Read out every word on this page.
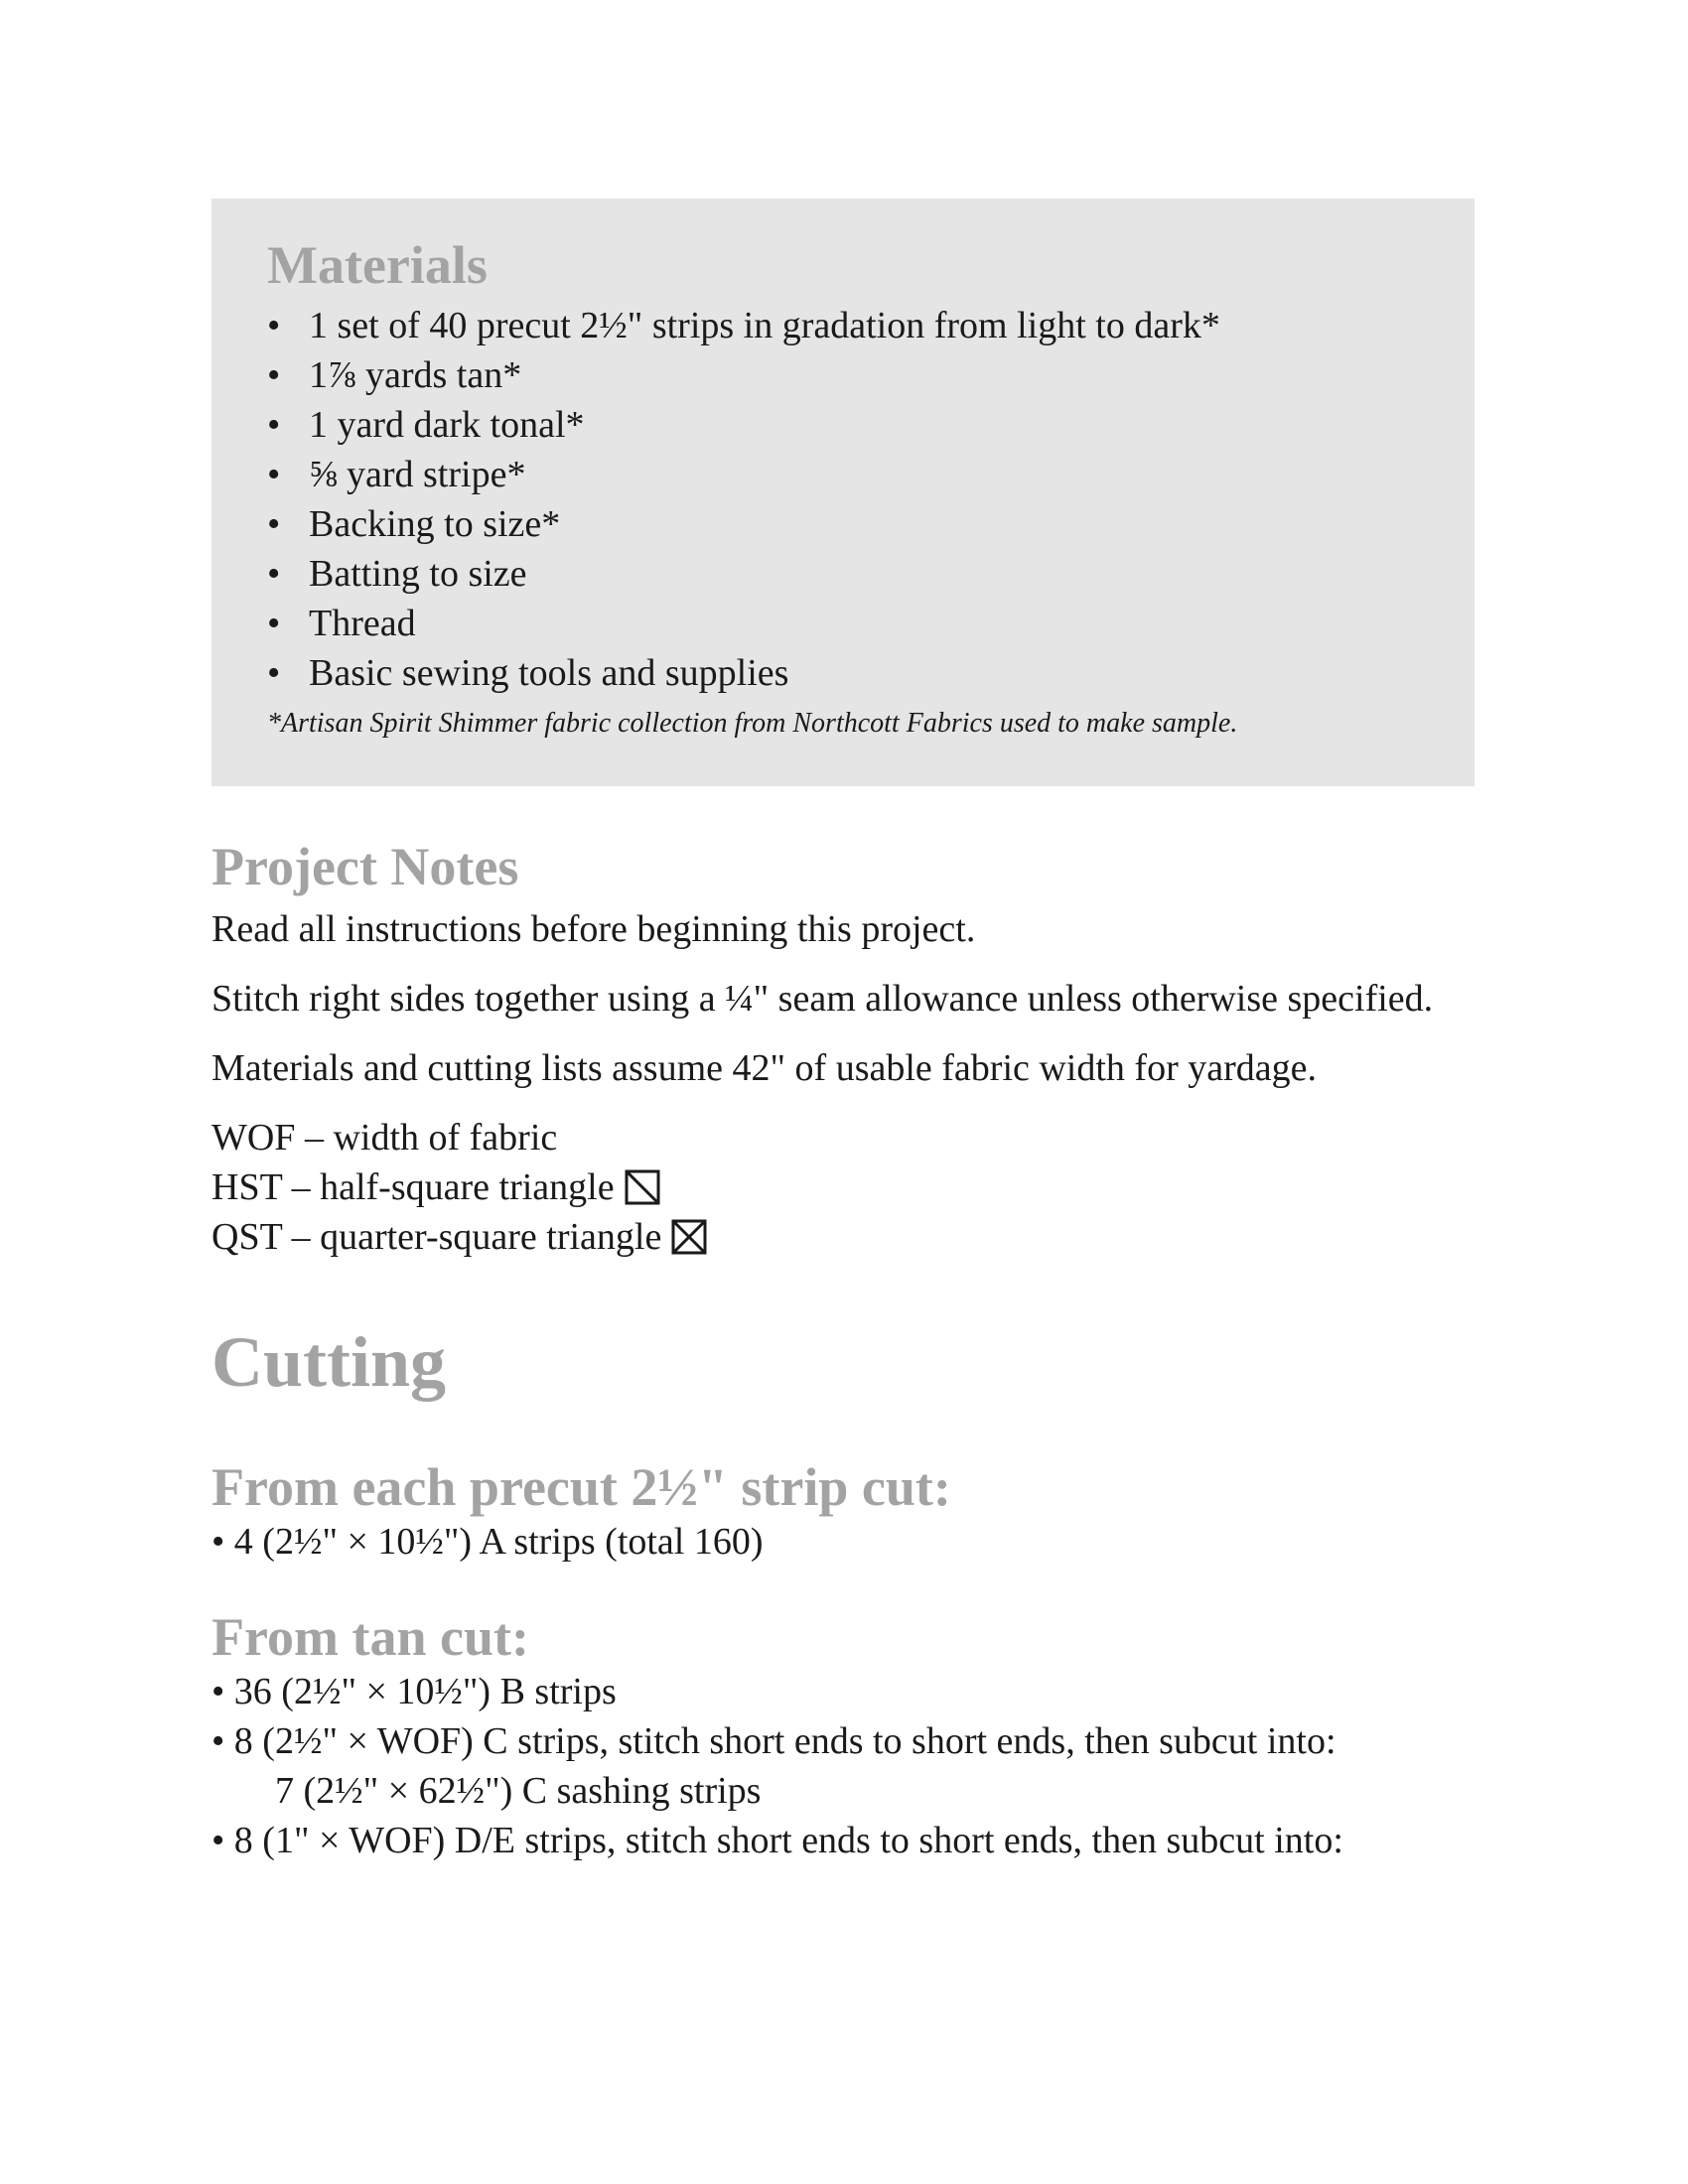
Materials
• 1 set of 40 precut 2½" strips in gradation from light to dark*
• 1⅞ yards tan*
• 1 yard dark tonal*
• ⅝ yard stripe*
• Backing to size*
• Batting to size
• Thread
• Basic sewing tools and supplies
*Artisan Spirit Shimmer fabric collection from Northcott Fabrics used to make sample.
Project Notes

Read all instructions before beginning this project.

Stitch right sides together using a ¼" seam allowance unless otherwise specified.

Materials and cutting lists assume 42" of usable fabric width for yardage.

WOF – width of fabric
HST – half-square triangle
QST – quarter-square triangle
Cutting
From each precut 2½" strip cut:
• 4 (2½" × 10½") A strips (total 160)
From tan cut:
• 36 (2½" × 10½") B strips
• 8 (2½" × WOF) C strips, stitch short ends to short ends, then subcut into:
7 (2½" × 62½") C sashing strips
• 8 (1" × WOF) D/E strips, stitch short ends to short ends, then subcut into:
